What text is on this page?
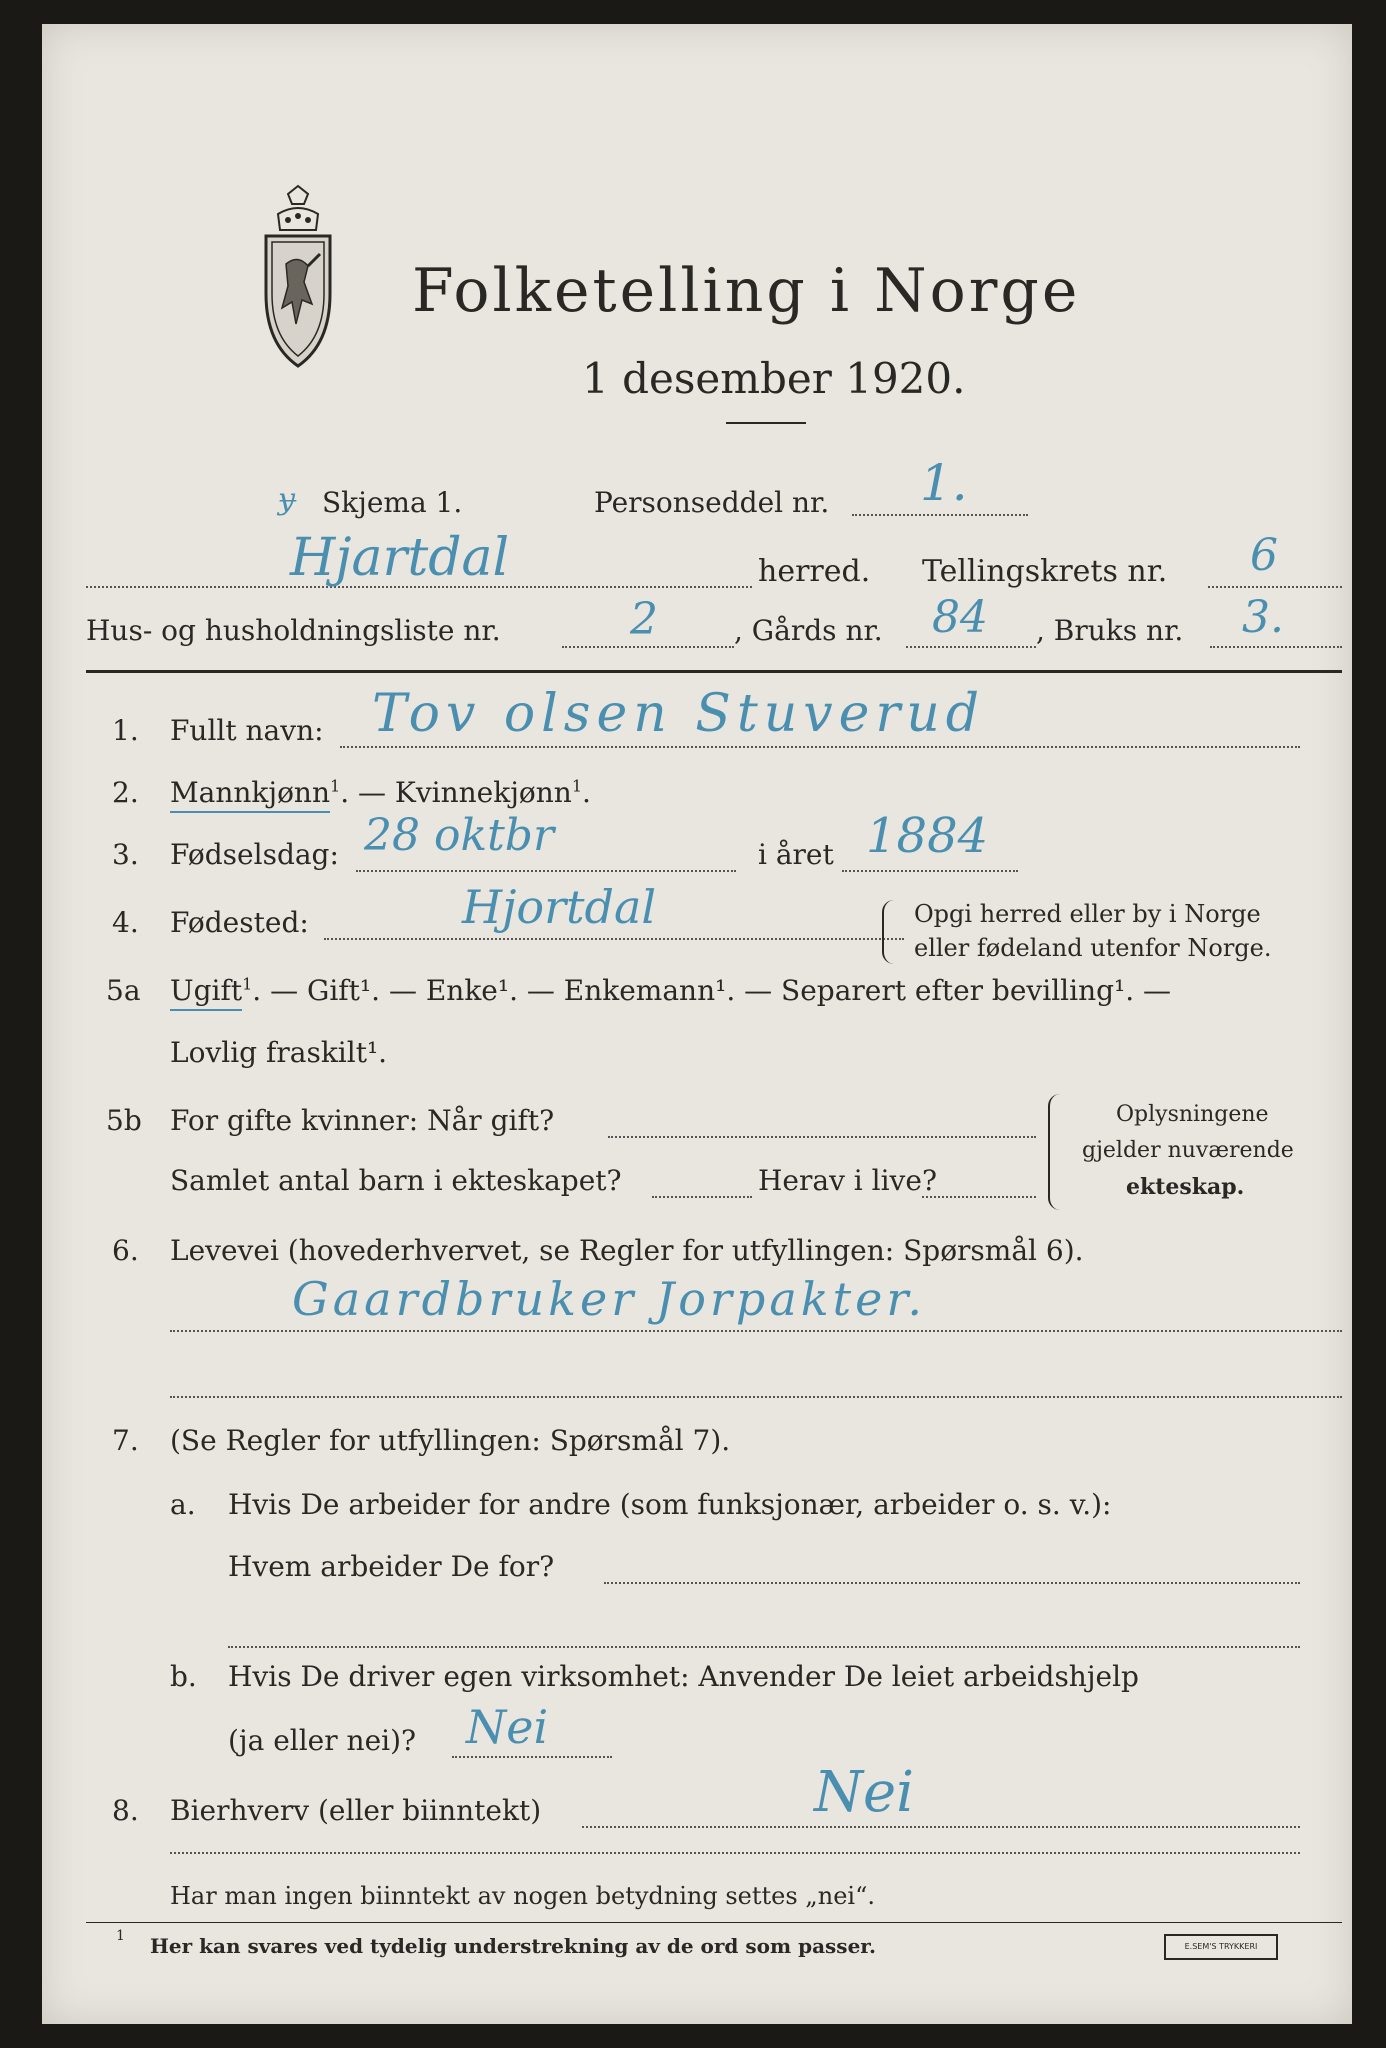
Folketelling i Norge
1 desember 1920.
ɏ Skjema 1.	Personseddel nr. 1.
Hjartdal	herred. Tellingskrets nr. 6
Hus- og husholdningsliste nr.	2	, Gårds nr. 84 , Bruks nr. 3.
1. Fullt navn: Tov olsen Stuverud
2. Mannkjønn$^1$. — Kvinnekjønn$^1$.
3. Fødselsdag: 28 oktbr	i året 1884
4. Fødested:	Hjortdal	Opgi herred eller by i Norge
eller fødeland utenfor Norge.
5a Ugift$^1$. — Gift¹. — Enke¹. — Enkemann¹. — Separert efter bevilling¹. —
Lovlig fraskilt¹.
5b For gifte kvinner: Når gift?
Samlet antal barn i ekteskapet?	Herav i live?
Oplysningene
gjelder nuværende
ekteskap.
6. Levevei (hovederhvervet, se Regler for utfyllingen: Spørsmål 6).
Gaardbruker Jorpakter.
7. (Se Regler for utfyllingen: Spørsmål 7).
a. Hvis De arbeider for andre (som funksjonær, arbeider o. s. v.):
Hvem arbeider De for?
b. Hvis De driver egen virksomhet: Anvender De leiet arbeidshjelp
(ja eller nei)? Nei
8. Bierhverv (eller biinntekt)	Nei
Har man ingen biinntekt av nogen betydning settes „nei“.
1 Her kan svares ved tydelig understrekning av de ord som passer.	E.SEM'S TRYKKERI
